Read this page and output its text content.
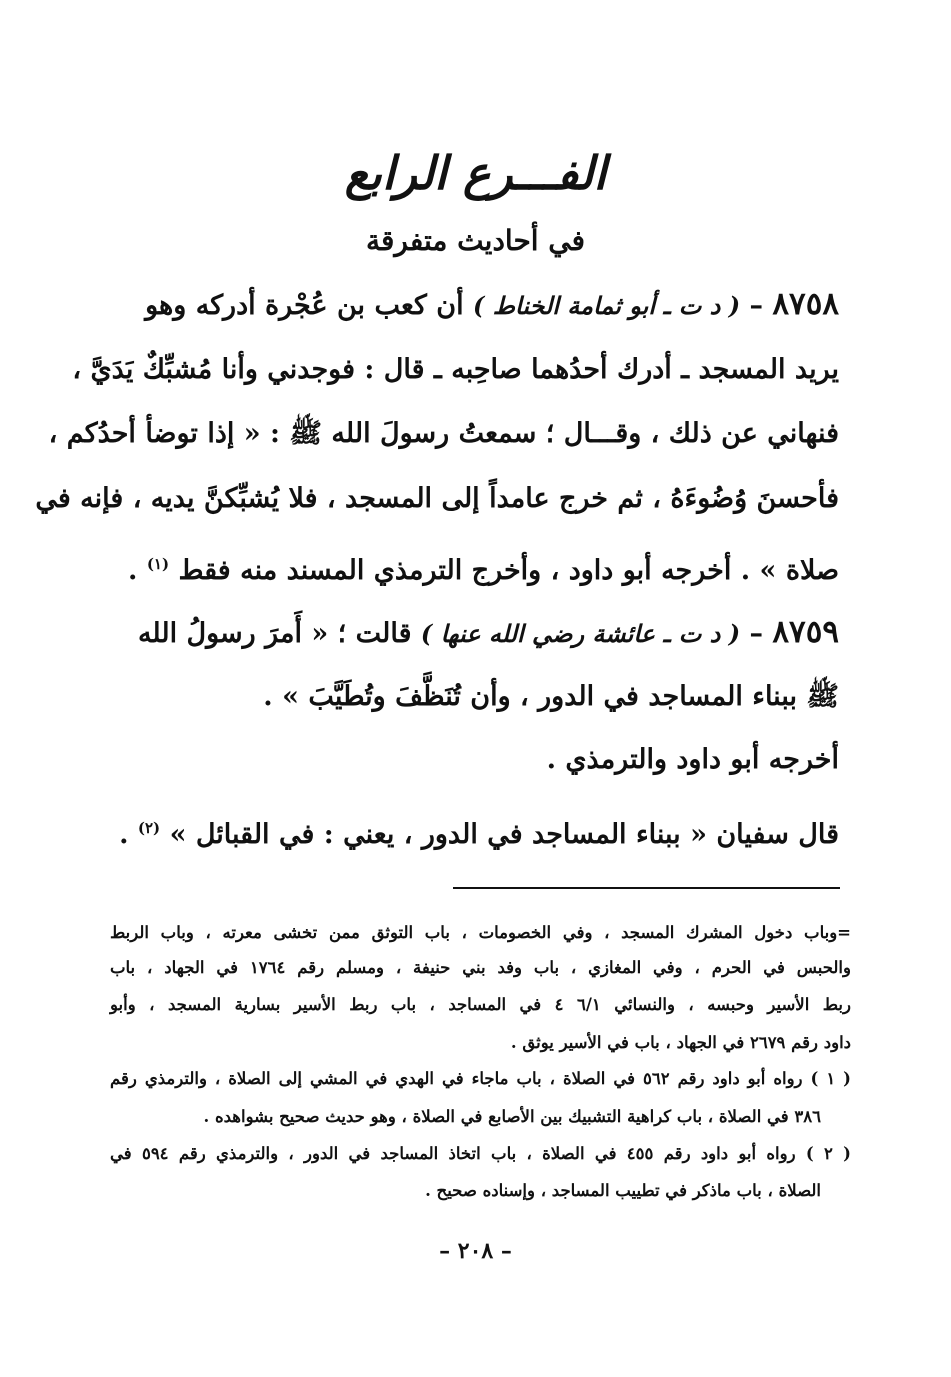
الفـــرع الرابع
في أحاديث متفرقة
٨٧٥٨ – ( د ت ـ أبو ثمامة الخناط ) أن كعب بن عُجْرة أدركه وهو
يريد المسجد ـ أدرك أحدُهما صاحِبه ـ قال : فوجدني وأنا مُشبِّكٌ يَدَيَّ ،
فنهاني عن ذلك ، وقـــال ؛ سمعتُ رسولَ الله ﷺ : « إذا توضأ أحدُكم ،
فأحسنَ وُضُوءَهُ ، ثم خرج عامداً إلى المسجد ، فلا يُشبِّكنَّ يديه ، فإنه في
صلاة » . أخرجه أبو داود ، وأخرج الترمذي المسند منه فقط $^{(١)}$ .
٨٧٥٩ – ( د ت ـ عائشة رضي الله عنها ) قالت ؛ « أَمرَ رسولُ الله
ﷺ ببناء المساجد في الدور ، وأن تُنَظَّفَ وتُطَيَّبَ » .
أخرجه أبو داود والترمذي .
قال سفيان « ببناء المساجد في الدور ، يعني : في القبائل » $^{(٢)}$ .
=وباب دخول المشرك المسجد ، وفي الخصومات ، باب التوثق ممن تخشى معرته ، وباب الربط
والحبس في الحرم ، وفي المغازي ، باب وفد بني حنيفة ، ومسلم رقم ١٧٦٤ في الجهاد ، باب
ربط الأسير وحبسه ، والنسائي ٦/١ ٤ في المساجد ، باب ربط الأسير بسارية المسجد ، وأبو
داود رقم ٢٦٧٩ في الجهاد ، باب في الأسير يوثق .
( ١ ) رواه أبو داود رقم ٥٦٢ في الصلاة ، باب ماجاء في الهدي في المشي إلى الصلاة ، والترمذي رقم
٣٨٦ في الصلاة ، باب كراهية التشبيك بين الأصابع في الصلاة ، وهو حديث صحيح بشواهده .
( ٢ ) رواه أبو داود رقم ٤٥٥ في الصلاة ، باب اتخاذ المساجد في الدور ، والترمذي رقم ٥٩٤ في
الصلاة ، باب ماذكر في تطييب المساجد ، وإسناده صحيح .
– ٢٠٨ –
